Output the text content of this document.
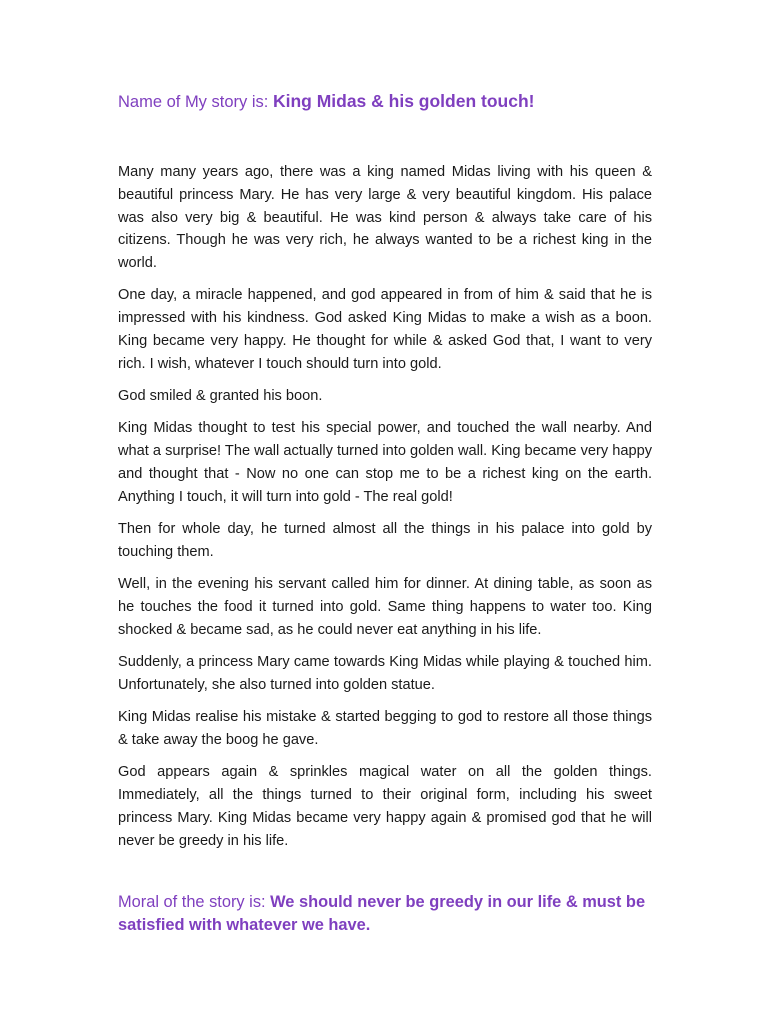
Name of My story is: King Midas & his golden touch!

Many many years ago, there was a king named Midas living with his queen & beautiful princess Mary. He has very large & very beautiful kingdom. His palace was also very big & beautiful. He was kind person & always take care of his citizens. Though he was very rich, he always wanted to be a richest king in the world.

One day, a miracle happened, and god appeared in from of him & said that he is impressed with his kindness. God asked King Midas to make a wish as a boon. King became very happy. He thought for while & asked God that, I want to very rich. I wish, whatever I touch should turn into gold.

God smiled & granted his boon.

King Midas thought to test his special power, and touched the wall nearby. And what a surprise! The wall actually turned into golden wall. King became very happy and thought that - Now no one can stop me to be a richest king on the earth. Anything I touch, it will turn into gold - The real gold!

Then for whole day, he turned almost all the things in his palace into gold by touching them.

Well, in the evening his servant called him for dinner. At dining table, as soon as he touches the food it turned into gold. Same thing happens to water too. King shocked & became sad, as he could never eat anything in his life.

Suddenly, a princess Mary came towards King Midas while playing & touched him. Unfortunately, she also turned into golden statue.

King Midas realise his mistake & started begging to god to restore all those things & take away the boog he gave.

God appears again & sprinkles magical water on all the golden things. Immediately, all the things turned to their original form, including his sweet princess Mary. King Midas became very happy again & promised god that he will never be greedy in his life.

Moral of the story is: We should never be greedy in our life & must be satisfied with whatever we have.
